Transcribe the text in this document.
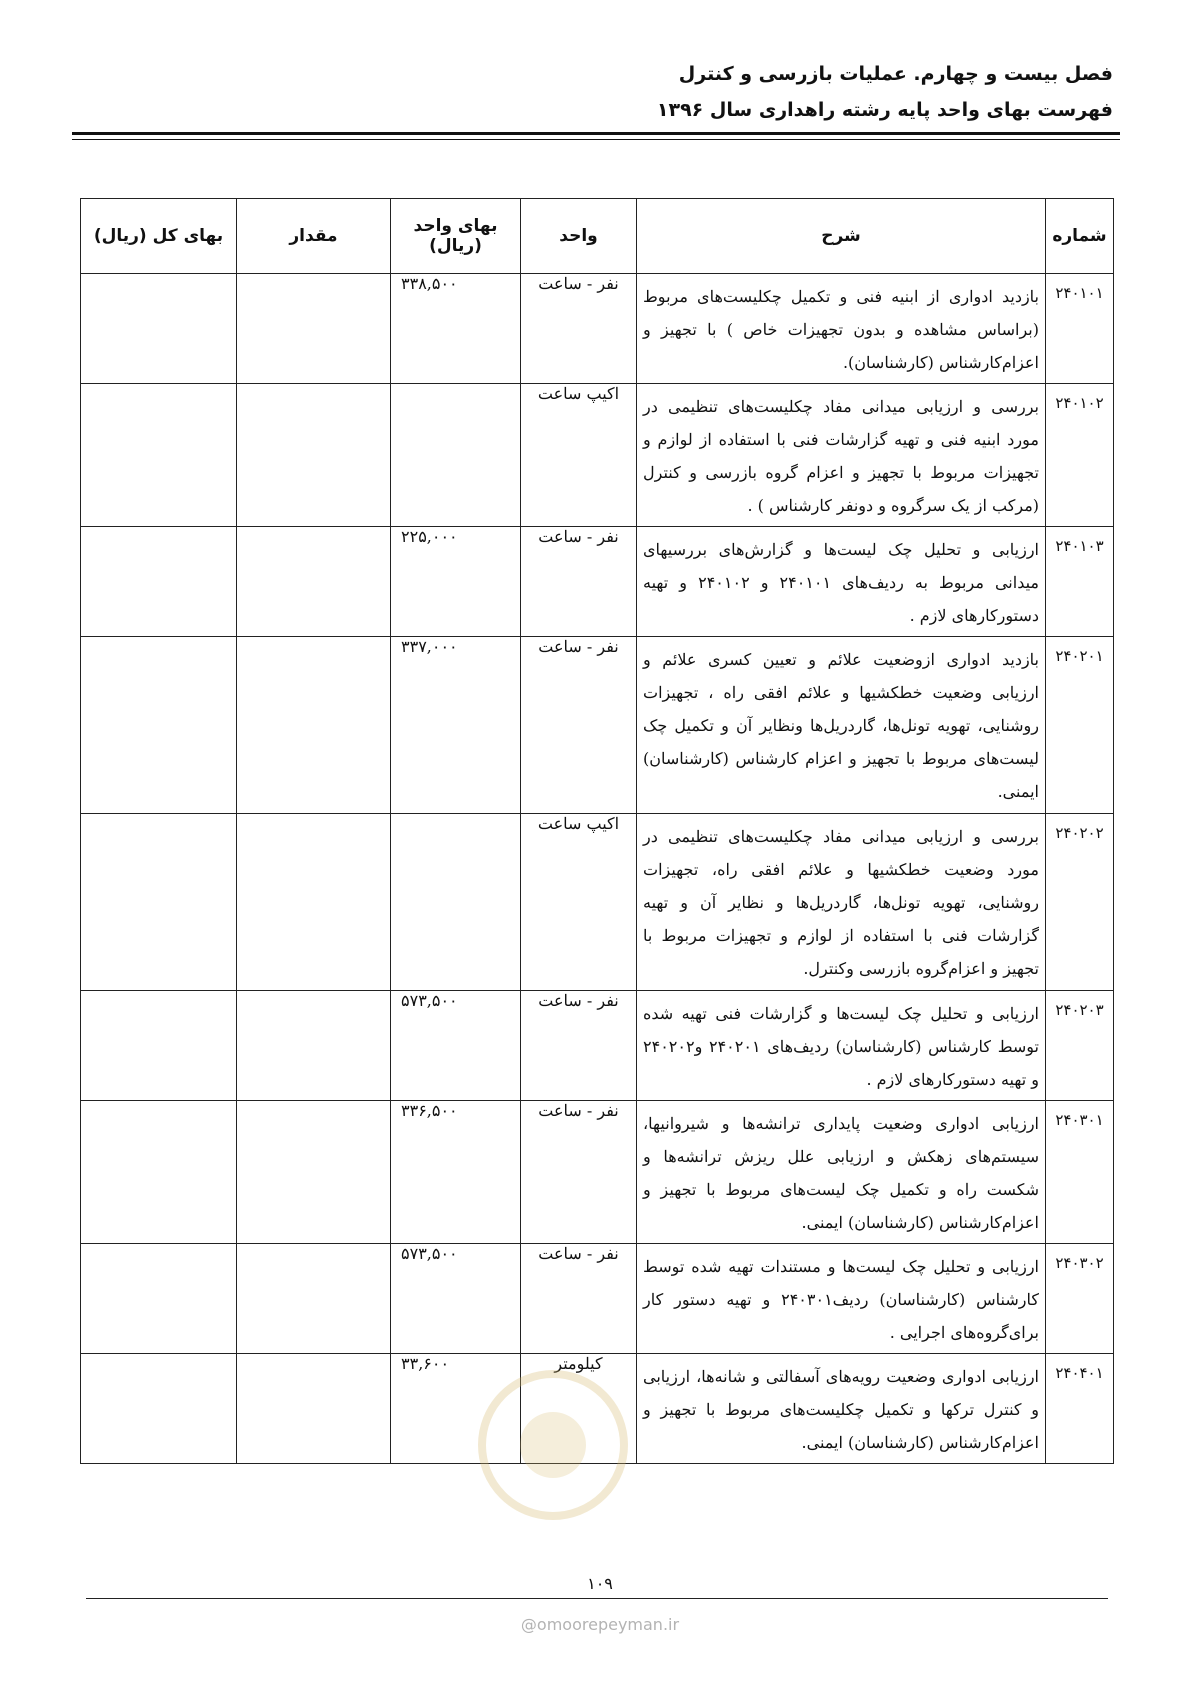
فصل بیست و چهارم. عملیات بازرسی و کنترل
فهرست بهای واحد پایه رشته راهداری سال ۱۳۹۶
شماره	شرح	واحد	بهای واحد (ریال)	مقدار	بهای کل (ریال)
۲۴۰۱۰۱	بازدید ادواری از ابنیه فنی و تکمیل چکلیست‌های مربوط (براساس مشاهده و بدون تجهیزات خاص ) با تجهیز و اعزام‌کارشناس (کارشناسان).	نفر - ساعت	۳۳۸,۵۰۰		
۲۴۰۱۰۲	بررسی و ارزیابی میدانی مفاد چکلیست‌های تنظیمی در مورد ابنیه فنی و تهیه گزارشات فنی با استفاده از لوازم و تجهیزات مربوط با تجهیز و اعزام گروه بازرسی و کنترل (مرکب از یک سرگروه و دونفر کارشناس ) .	اکیپ ساعت			
۲۴۰۱۰۳	ارزیابی و تحلیل چک لیست‌ها و گزارش‌های بررسیهای میدانی مربوط به ردیف‌های ۲۴۰۱۰۱ و ۲۴۰۱۰۲ و تهیه دستورکارهای لازم .	نفر - ساعت	۲۲۵,۰۰۰		
۲۴۰۲۰۱	بازدید ادواری ازوضعیت علائم و تعیین کسری علائم و ارزیابی وضعیت خطکشیها و علائم افقی راه ، تجهیزات روشنایی، تهویه تونل‌ها، گاردریل‌ها ونظایر آن و تکمیل چک لیست‌های مربوط با تجهیز و اعزام کارشناس (کارشناسان) ایمنی.	نفر - ساعت	۳۳۷,۰۰۰		
۲۴۰۲۰۲	بررسی و ارزیابی میدانی مفاد چکلیست‌های تنظیمی در مورد وضعیت خطکشیها و علائم افقی راه، تجهیزات روشنایی، تهویه تونل‌ها، گاردریل‌ها و نظایر آن و تهیه گزارشات فنی با استفاده از لوازم و تجهیزات مربوط با تجهیز و اعزام‌گروه بازرسی وکنترل.	اکیپ ساعت			
۲۴۰۲۰۳	ارزیابی و تحلیل چک لیست‌ها و گزارشات فنی تهیه شده توسط کارشناس (کارشناسان) ردیف‌های ۲۴۰۲۰۱ و۲۴۰۲۰۲ و تهیه دستورکارهای لازم .	نفر - ساعت	۵۷۳,۵۰۰		
۲۴۰۳۰۱	ارزیابی ادواری وضعیت پایداری ترانشه‌ها و شیروانیها، سیستم‌های زهکش و ارزیابی علل ریزش ترانشه‌ها و شکست راه و تکمیل چک لیست‌های مربوط با تجهیز و اعزام‌کارشناس (کارشناسان) ایمنی.	نفر - ساعت	۳۳۶,۵۰۰		
۲۴۰۳۰۲	ارزیابی و تحلیل چک لیست‌ها و مستندات تهیه شده توسط کارشناس (کارشناسان) ردیف۲۴۰۳۰۱ و تهیه دستور کار برای‌گروه‌های اجرایی .	نفر - ساعت	۵۷۳,۵۰۰		
۲۴۰۴۰۱	ارزیابی ادواری وضعیت رویه‌های آسفالتی و شانه‌ها، ارزیابی و کنترل ترکها و تکمیل چکلیست‌های مربوط با تجهیز و اعزام‌کارشناس (کارشناسان) ایمنی.	کیلومتر	۳۳,۶۰۰		
۱۰۹
@omoorepeyman.ir
